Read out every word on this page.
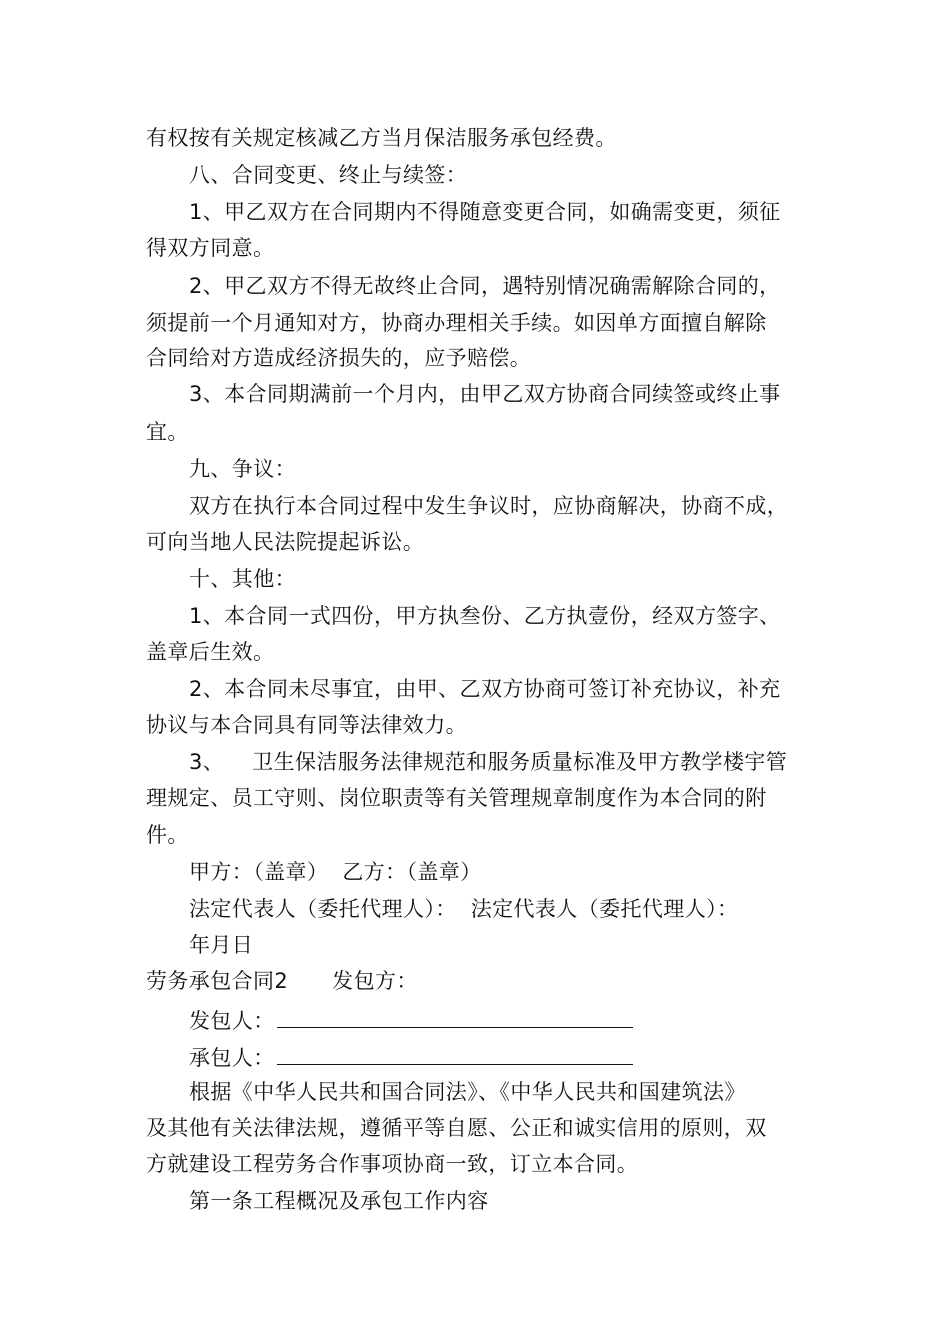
有权按有关规定核减乙方当月保洁服务承包经费。
八、合同变更、终止与续签：
1、甲乙双方在合同期内不得随意变更合同，如确需变更，须征
得双方同意。
2、甲乙双方不得无故终止合同，遇特别情况确需解除合同的，
须提前一个月通知对方，协商办理相关手续。如因单方面擅自解除
合同给对方造成经济损失的，应予赔偿。
3、本合同期满前一个月内，由甲乙双方协商合同续签或终止事
宜。
九、争议：
双方在执行本合同过程中发生争议时，应协商解决，协商不成，
可向当地人民法院提起诉讼。
十、其他：
1、本合同一式四份，甲方执叁份、乙方执壹份，经双方签字、
盖章后生效。
2、本合同未尽事宜，由甲、乙双方协商可签订补充协议，补充
协议与本合同具有同等法律效力。
3、 卫生保洁服务法律规范和服务质量标准及甲方教学楼宇管
理规定、员工守则、岗位职责等有关管理规章制度作为本合同的附
件。
甲方：（盖章） 乙方：（盖章）
法定代表人（委托代理人）： 法定代表人（委托代理人）：
年月日
劳务承包合同2 发包方：
发包人：
承包人：
根据《中华人民共和国合同法》、《中华人民共和国建筑法》
及其他有关法律法规，遵循平等自愿、公正和诚实信用的原则，双
方就建设工程劳务合作事项协商一致，订立本合同。
第一条工程概况及承包工作内容
